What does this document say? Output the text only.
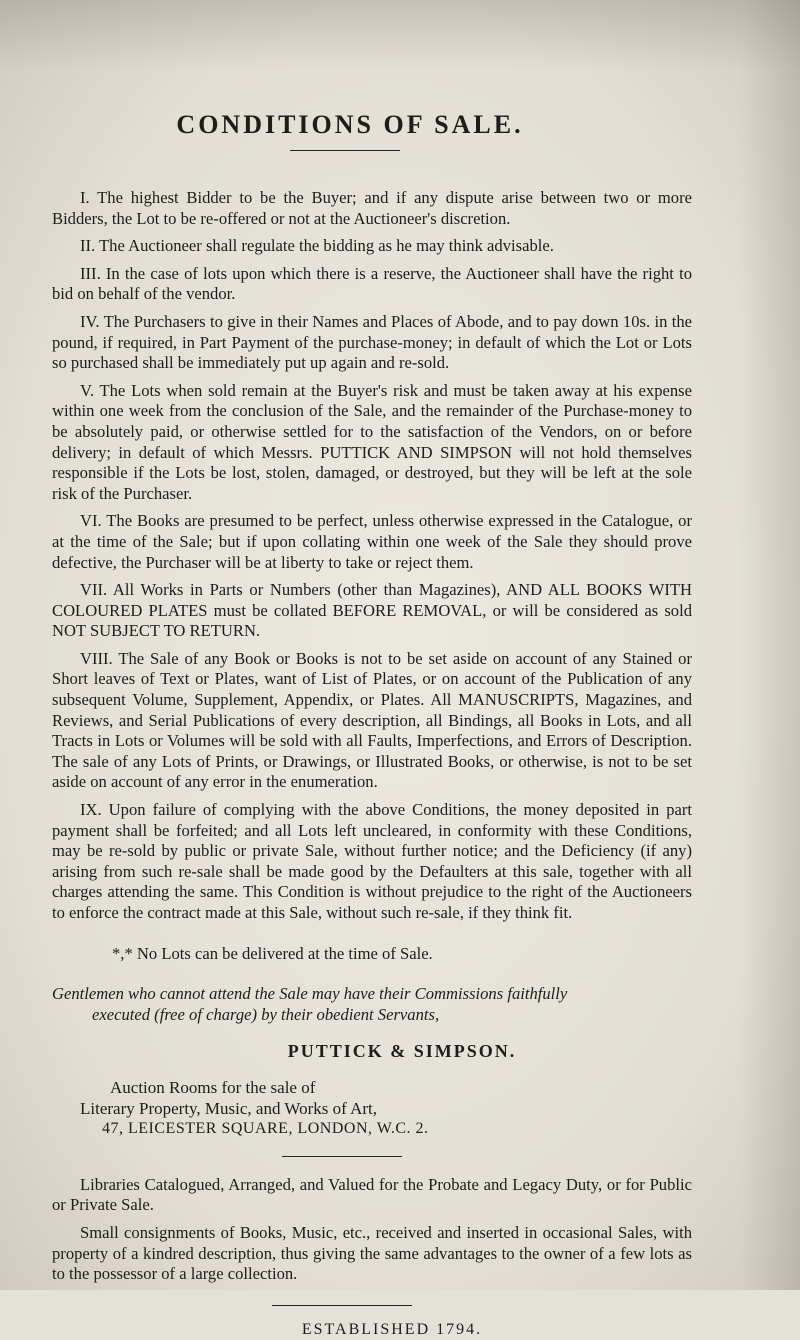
CONDITIONS OF SALE.

I. The highest Bidder to be the Buyer; and if any dispute arise between two or more Bidders, the Lot to be re-offered or not at the Auctioneer's discretion.

II. The Auctioneer shall regulate the bidding as he may think advisable.

III. In the case of lots upon which there is a reserve, the Auctioneer shall have the right to bid on behalf of the vendor.

IV. The Purchasers to give in their Names and Places of Abode, and to pay down 10s. in the pound, if required, in Part Payment of the purchase-money; in default of which the Lot or Lots so purchased shall be immediately put up again and re-sold.

V. The Lots when sold remain at the Buyer's risk and must be taken away at his expense within one week from the conclusion of the Sale, and the remainder of the Purchase-money to be absolutely paid, or otherwise settled for to the satisfaction of the Vendors, on or before delivery; in default of which Messrs. PUTTICK AND SIMPSON will not hold themselves responsible if the Lots be lost, stolen, damaged, or destroyed, but they will be left at the sole risk of the Purchaser.

VI. The Books are presumed to be perfect, unless otherwise expressed in the Catalogue, or at the time of the Sale; but if upon collating within one week of the Sale they should prove defective, the Purchaser will be at liberty to take or reject them.

VII. All Works in Parts or Numbers (other than Magazines), AND ALL BOOKS WITH COLOURED PLATES must be collated BEFORE REMOVAL, or will be considered as sold NOT SUBJECT TO RETURN.

VIII. The Sale of any Book or Books is not to be set aside on account of any Stained or Short leaves of Text or Plates, want of List of Plates, or on account of the Publication of any subsequent Volume, Supplement, Appendix, or Plates. All MANUSCRIPTS, Magazines, and Reviews, and Serial Publications of every description, all Bindings, all Books in Lots, and all Tracts in Lots or Volumes will be sold with all Faults, Imperfections, and Errors of Description. The sale of any Lots of Prints, or Drawings, or Illustrated Books, or otherwise, is not to be set aside on account of any error in the enumeration.

IX. Upon failure of complying with the above Conditions, the money deposited in part payment shall be forfeited; and all Lots left uncleared, in conformity with these Conditions, may be re-sold by public or private Sale, without further notice; and the Deficiency (if any) arising from such re-sale shall be made good by the Defaulters at this sale, together with all charges attending the same. This Condition is without prejudice to the right of the Auctioneers to enforce the contract made at this Sale, without such re-sale, if they think fit.

*,* No Lots can be delivered at the time of Sale.

Gentlemen who cannot attend the Sale may have their Commissions faithfully

executed (free of charge) by their obedient Servants,

PUTTICK & SIMPSON.

Auction Rooms for the sale of
Literary Property, Music, and Works of Art,
47, LEICESTER SQUARE, LONDON, W.C. 2.

Libraries Catalogued, Arranged, and Valued for the Probate and Legacy Duty, or for Public or Private Sale.

Small consignments of Books, Music, etc., received and inserted in occasional Sales, with property of a kindred description, thus giving the same advantages to the owner of a few lots as to the possessor of a large collection.

ESTABLISHED 1794.
